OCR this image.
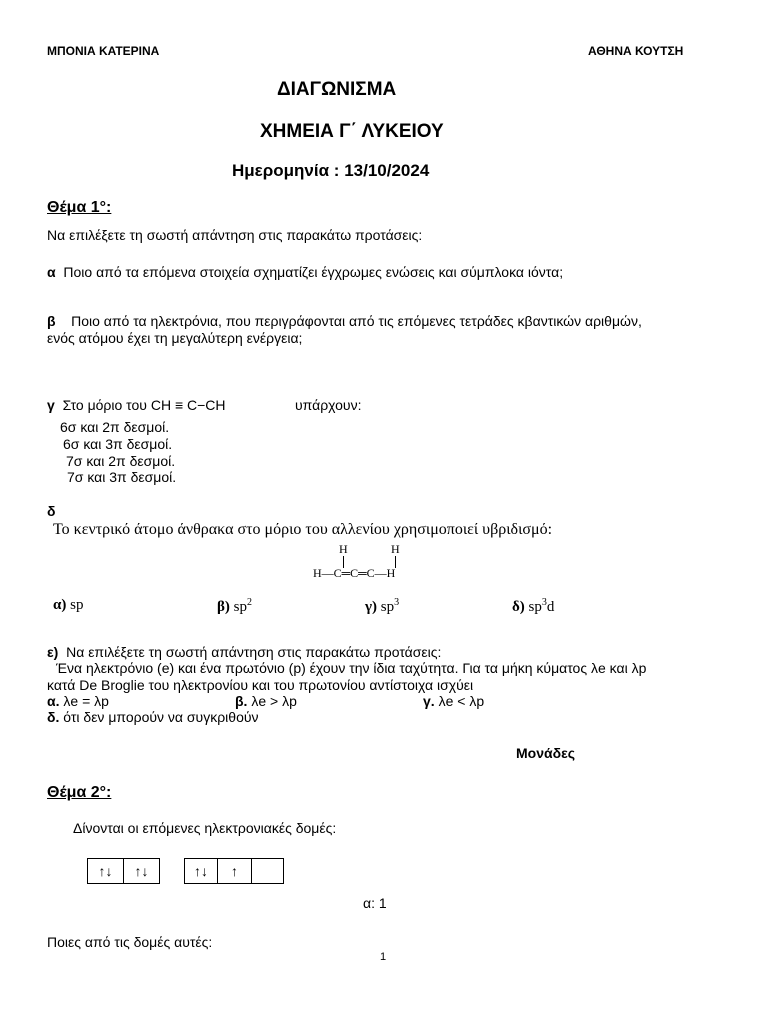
ΜΠΟΝΙΑ ΚΑΤΕΡΙΝΑ	ΑΘΗΝΑ ΚΟΥΤΣΗ
ΔΙΑΓΩΝΙΣΜΑ
ΧΗΜΕΙΑ Γ΄ ΛΥΚΕΙΟΥ
Ημερομηνία : 13/10/2024
Θέμα 1°:
Να επιλέξετε τη σωστή απάντηση στις παρακάτω προτάσεις:
α Ποιο από τα επόμενα στοιχεία σχηματίζει έγχρωμες ενώσεις και σύμπλοκα ιόντα;
β Ποιο από τα ηλεκτρόνια, που περιγράφονται από τις επόμενες τετράδες κβαντικών αριθμών,
ενός ατόμου έχει τη μεγαλύτερη ενέργεια;
γ Στο μόριο του CH ≡ C−CH	υπάρχουν:
6σ και 2π δεσμοί.
6σ και 3π δεσμοί.
7σ και 2π δεσμοί.
7σ και 3π δεσμοί.
δ
Το κεντρικό άτομο άνθρακα στο μόριο του αλλενίου χρησιμοποιεί υβριδισμό:
H	H
H—C═C═C—H
α) sp	β) $sp^2$	γ) $sp^3$	δ) $sp^3d$
ε) Να επιλέξετε τη σωστή απάντηση στις παρακάτω προτάσεις:
Ένα ηλεκτρόνιο (e) και ένα πρωτόνιο (p) έχουν την ίδια ταχύτητα. Για τα μήκη κύματος λe και λp
κατά De Broglie του ηλεκτρονίου και του πρωτονίου αντίστοιχα ισχύει
α. λe = λp	β. λe > λp	γ. λe < λp
δ. ότι δεν μπορούν να συγκριθούν
Μονάδες
Θέμα 2°:
Δίνονται οι επόμενες ηλεκτρονιακές δομές:
↑↓	↑↓	↑↓	↑
α: 1
Ποιες από τις δομές αυτές:
1
